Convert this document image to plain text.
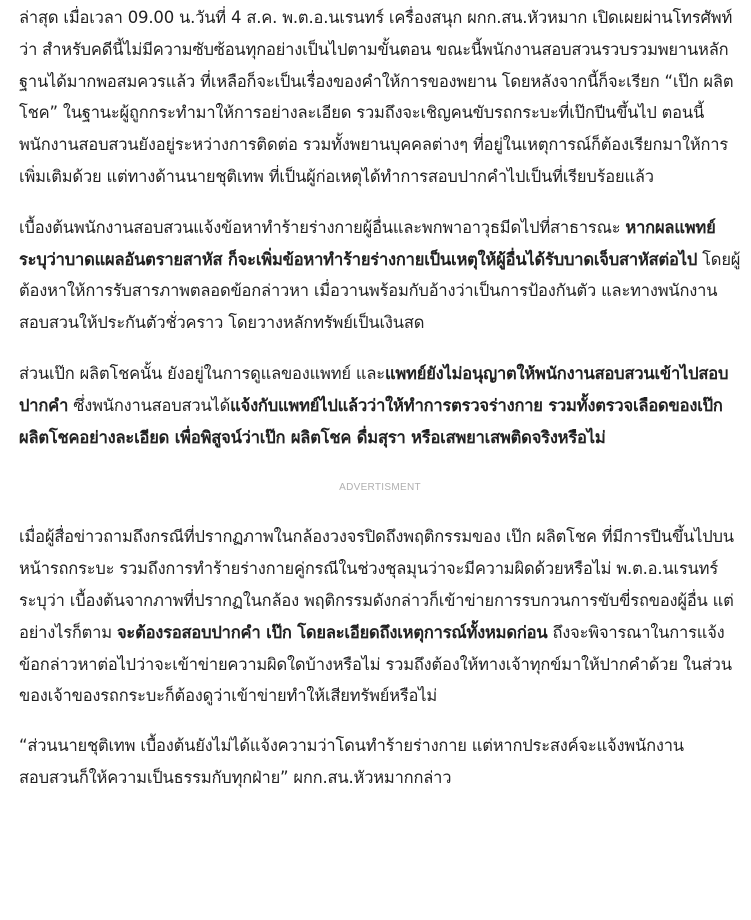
ล่าสุด เมื่อเวลา 09.00 น.วันที่ 4 ส.ค. พ.ต.อ.นเรนทร์ เครื่องสนุก ผกก.สน.หัวหมาก เปิดเผยผ่านโทรศัพท์ว่า สำหรับคดีนี้ไม่มีความซับซ้อนทุกอย่างเป็นไปตามขั้นตอน ขณะนี้พนักงานสอบสวนรวบรวมพยานหลักฐานได้มากพอสมควรแล้ว ที่เหลือก็จะเป็นเรื่องของคำให้การของพยาน โดยหลังจากนี้ก็จะเรียก “เป๊ก ผลิตโชค” ในฐานะผู้ถูกกระทำมาให้การอย่างละเอียด รวมถึงจะเชิญคนขับรถกระบะที่เป๊กปีนขึ้นไป ตอนนี้พนักงานสอบสวนยังอยู่ระหว่างการติดต่อ รวมทั้งพยานบุคคลต่างๆ ที่อยู่ในเหตุการณ์ก็ต้องเรียกมาให้การเพิ่มเติมด้วย แต่ทางด้านนายชุติเทพ ที่เป็นผู้ก่อเหตุได้ทำการสอบปากคำไปเป็นที่เรียบร้อยแล้ว

เบื้องต้นพนักงานสอบสวนแจ้งข้อหาทำร้ายร่างกายผู้อื่นและพกพาอาวุธมีดไปที่สาธารณะ หากผลแพทย์ระบุว่าบาดแผลอันตรายสาหัส ก็จะเพิ่มข้อหาทำร้ายร่างกายเป็นเหตุให้ผู้อื่นได้รับบาดเจ็บสาหัสต่อไป โดยผู้ต้องหาให้การรับสารภาพตลอดข้อกล่าวหา เมื่อวานพร้อมกับอ้างว่าเป็นการป้องกันตัว และทางพนักงานสอบสวนให้ประกันตัวชั่วคราว โดยวางหลักทรัพย์เป็นเงินสด

ส่วนเป๊ก ผลิตโชคนั้น ยังอยู่ในการดูแลของแพทย์ และแพทย์ยังไม่อนุญาตให้พนักงานสอบสวนเข้าไปสอบปากคำ ซึ่งพนักงานสอบสวนได้แจ้งกับแพทย์ไปแล้วว่าให้ทำการตรวจร่างกาย รวมทั้งตรวจเลือดของเป๊ก ผลิตโชคอย่างละเอียด เพื่อพิสูจน์ว่าเป๊ก ผลิตโชค ดื่มสุรา หรือเสพยาเสพติดจริงหรือไม่

ADVERTISMENT

เมื่อผู้สื่อข่าวถามถึงกรณีที่ปรากฏภาพในกล้องวงจรปิดถึงพฤติกรรมของ เป๊ก ผลิตโชค ที่มีการปีนขึ้นไปบนหน้ารถกระบะ รวมถึงการทำร้ายร่างกายคู่กรณีในช่วงชุลมุนว่าจะมีความผิดด้วยหรือไม่ พ.ต.อ.นเรนทร์ระบุว่า เบื้องต้นจากภาพที่ปรากฏในกล้อง พฤติกรรมดังกล่าวก็เข้าข่ายการรบกวนการขับขี่รถของผู้อื่น แต่อย่างไรก็ตาม จะต้องรอสอบปากคำ เป๊ก โดยละเอียดถึงเหตุการณ์ทั้งหมดก่อน ถึงจะพิจารณาในการแจ้งข้อกล่าวหาต่อไปว่าจะเข้าข่ายความผิดใดบ้างหรือไม่ รวมถึงต้องให้ทางเจ้าทุกข์มาให้ปากคำด้วย ในส่วนของเจ้าของรถกระบะก็ต้องดูว่าเข้าข่ายทำให้เสียทรัพย์หรือไม่

“ส่วนนายชุติเทพ เบื้องต้นยังไม่ได้แจ้งความว่าโดนทำร้ายร่างกาย แต่หากประสงค์จะแจ้งพนักงานสอบสวนก็ให้ความเป็นธรรมกับทุกฝ่าย” ผกก.สน.หัวหมากกล่าว
